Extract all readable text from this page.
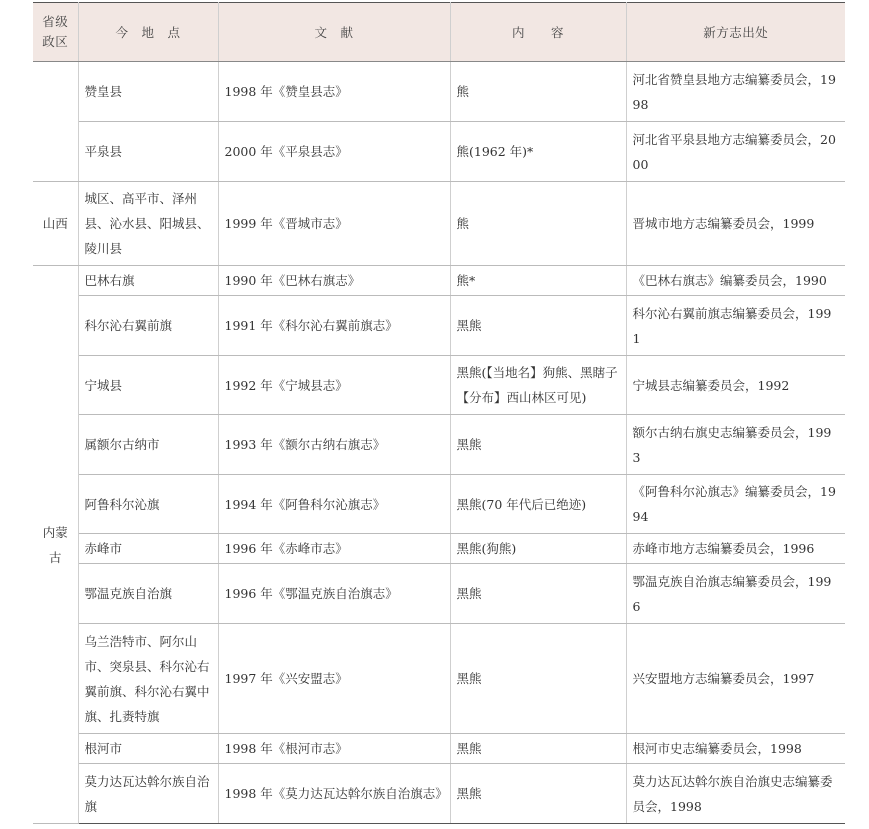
省级政区	今　地　点	文　献	内　　容	新方志出处
	赞皇县	1998 年《赞皇县志》	熊	河北省赞皇县地方志编纂委员会，1998
	平泉县	2000 年《平泉县志》	熊(1962 年)*	河北省平泉县地方志编纂委员会，2000
山西	城区、高平市、泽州县、沁水县、阳城县、陵川县	1999 年《晋城市志》	熊	晋城市地方志编纂委员会，1999
内蒙古	巴林右旗	1990 年《巴林右旗志》	熊*	《巴林右旗志》编纂委员会，1990
	科尔沁右翼前旗	1991 年《科尔沁右翼前旗志》	黑熊	科尔沁右翼前旗志编纂委员会，1991
	宁城县	1992 年《宁城县志》	黑熊(【当地名】狗熊、黑瞎子【分布】西山林区可见)	宁城县志编纂委员会，1992
	属额尔古纳市	1993 年《额尔古纳右旗志》	黑熊	额尔古纳右旗史志编纂委员会，1993
	阿鲁科尔沁旗	1994 年《阿鲁科尔沁旗志》	黑熊(70 年代后已绝迹)	《阿鲁科尔沁旗志》编纂委员会，1994
	赤峰市	1996 年《赤峰市志》	黑熊(狗熊)	赤峰市地方志编纂委员会，1996
	鄂温克族自治旗	1996 年《鄂温克族自治旗志》	黑熊	鄂温克族自治旗志编纂委员会，1996
	乌兰浩特市、阿尔山市、突泉县、科尔沁右翼前旗、科尔沁右翼中旗、扎赉特旗	1997 年《兴安盟志》	黑熊	兴安盟地方志编纂委员会，1997
	根河市	1998 年《根河市志》	黑熊	根河市史志编纂委员会，1998
	莫力达瓦达斡尔族自治旗	1998 年《莫力达瓦达斡尔族自治旗志》	黑熊	莫力达瓦达斡尔族自治旗史志编纂委员会，1998
